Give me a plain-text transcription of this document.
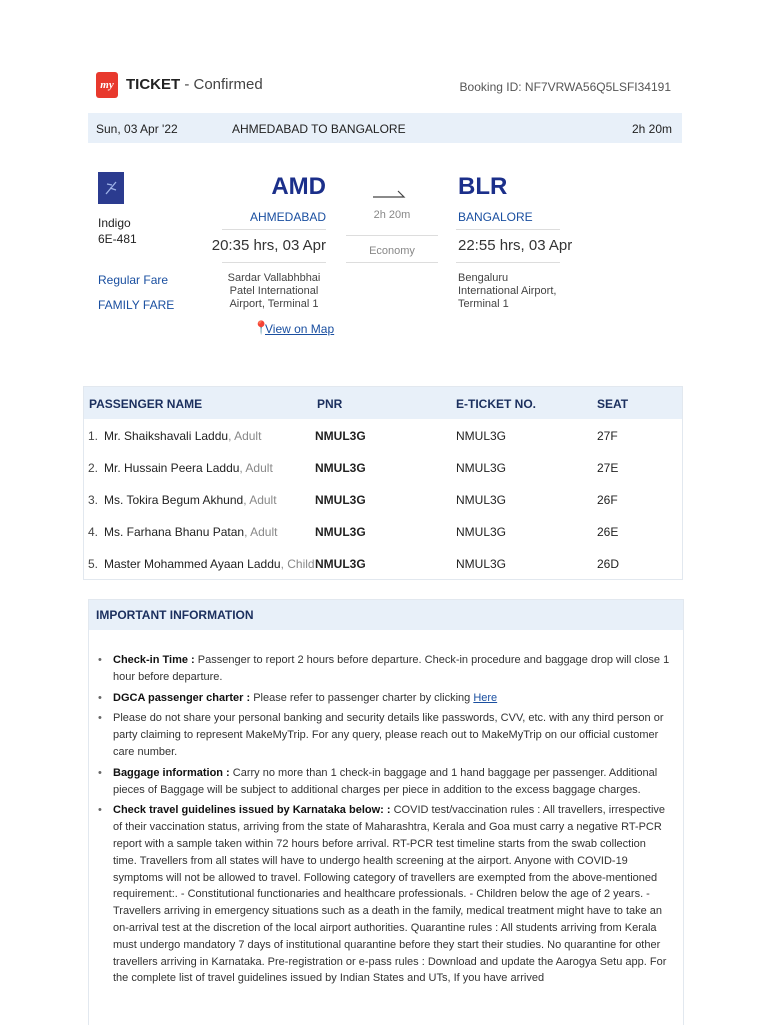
my TICKET - Confirmed	Booking ID: NF7VRWA56Q5LSFI34191
Sun, 03 Apr '22	AHMEDABAD TO BANGALORE	2h 20m
Indigo
6E-481
Regular Fare
FAMILY FARE
AMD
AHMEDABAD
20:35 hrs, 03 Apr
Sardar Vallabhbhai
Patel International
Airport, Terminal 1
📍
View on Map
2h 20m
Economy
BLR
BANGALORE
22:55 hrs, 03 Apr
Bengaluru
International Airport,
Terminal 1
PASSENGER NAME	PNR	E-TICKET NO.	SEAT
1. Mr. Shaikshavali Laddu, Adult	NMUL3G	NMUL3G	27F
2. Mr. Hussain Peera Laddu, Adult	NMUL3G	NMUL3G	27E
3. Ms. Tokira Begum Akhund, Adult	NMUL3G	NMUL3G	26F
4. Ms. Farhana Bhanu Patan, Adult	NMUL3G	NMUL3G	26E
5. Master Mohammed Ayaan Laddu, Child NMUL3G	NMUL3G	26D
IMPORTANT INFORMATION
• Check-in Time : Passenger to report 2 hours before departure. Check-in procedure and baggage drop will close 1 hour before departure.
• DGCA passenger charter : Please refer to passenger charter by clicking Here
• Please do not share your personal banking and security details like passwords, CVV, etc. with any third person or party claiming to represent MakeMyTrip. For any query, please reach out to MakeMyTrip on our official customer care number.
• Baggage information : Carry no more than 1 check-in baggage and 1 hand baggage per passenger. Additional pieces of Baggage will be subject to additional charges per piece in addition to the excess baggage charges.
• Check travel guidelines issued by Karnataka below: : COVID test/vaccination rules : All travellers, irrespective of their vaccination status, arriving from the state of Maharashtra, Kerala and Goa must carry a negative RT-PCR report with a sample taken within 72 hours before arrival. RT-PCR test timeline starts from the swab collection time. Travellers from all states will have to undergo health screening at the airport. Anyone with COVID-19 symptoms will not be allowed to travel. Following category of travellers are exempted from the above-mentioned requirement:. - Constitutional functionaries and healthcare professionals. - Children below the age of 2 years. - Travellers arriving in emergency situations such as a death in the family, medical treatment might have to take an on-arrival test at the discretion of the local airport authorities. Quarantine rules : All students arriving from Kerala must undergo mandatory 7 days of institutional quarantine before they start their studies. No quarantine for other travellers arriving in Karnataka. Pre-registration or e-pass rules : Download and update the Aarogya Setu app. For the complete list of travel guidelines issued by Indian States and UTs, If you have arrived
